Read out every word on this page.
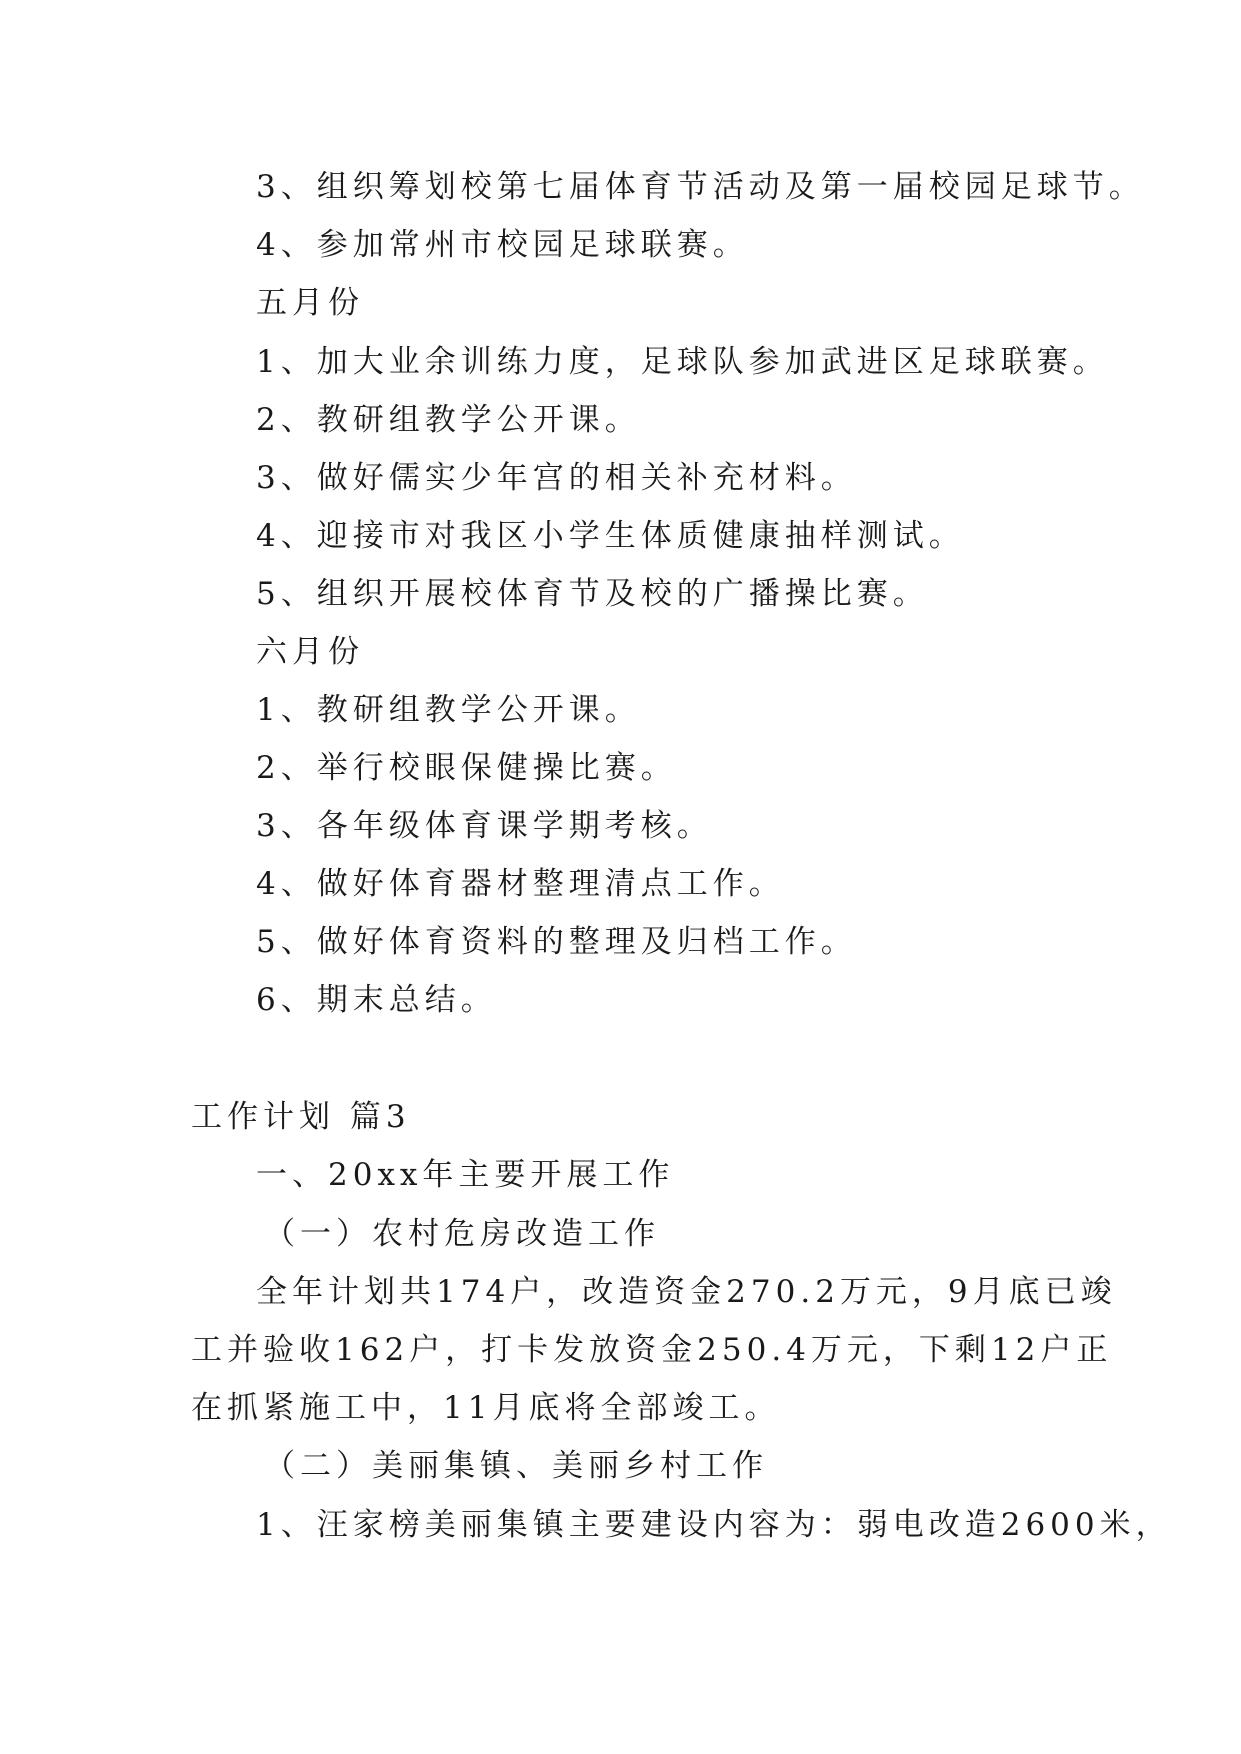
3、组织筹划校第七届体育节活动及第一届校园足球节。
4、参加常州市校园足球联赛。
五月份
1、加大业余训练力度，足球队参加武进区足球联赛。
2、教研组教学公开课。
3、做好儒实少年宫的相关补充材料。
4、迎接市对我区小学生体质健康抽样测试。
5、组织开展校体育节及校的广播操比赛。
六月份
1、教研组教学公开课。
2、举行校眼保健操比赛。
3、各年级体育课学期考核。
4、做好体育器材整理清点工作。
5、做好体育资料的整理及归档工作。
6、期末总结。
工作计划 篇3
一、20xx年主要开展工作
（一）农村危房改造工作
全年计划共174户，改造资金270.2万元，9月底已竣
工并验收162户，打卡发放资金250.4万元，下剩12户正
在抓紧施工中，11月底将全部竣工。
（二）美丽集镇、美丽乡村工作
1、汪家榜美丽集镇主要建设内容为：弱电改造2600米，
